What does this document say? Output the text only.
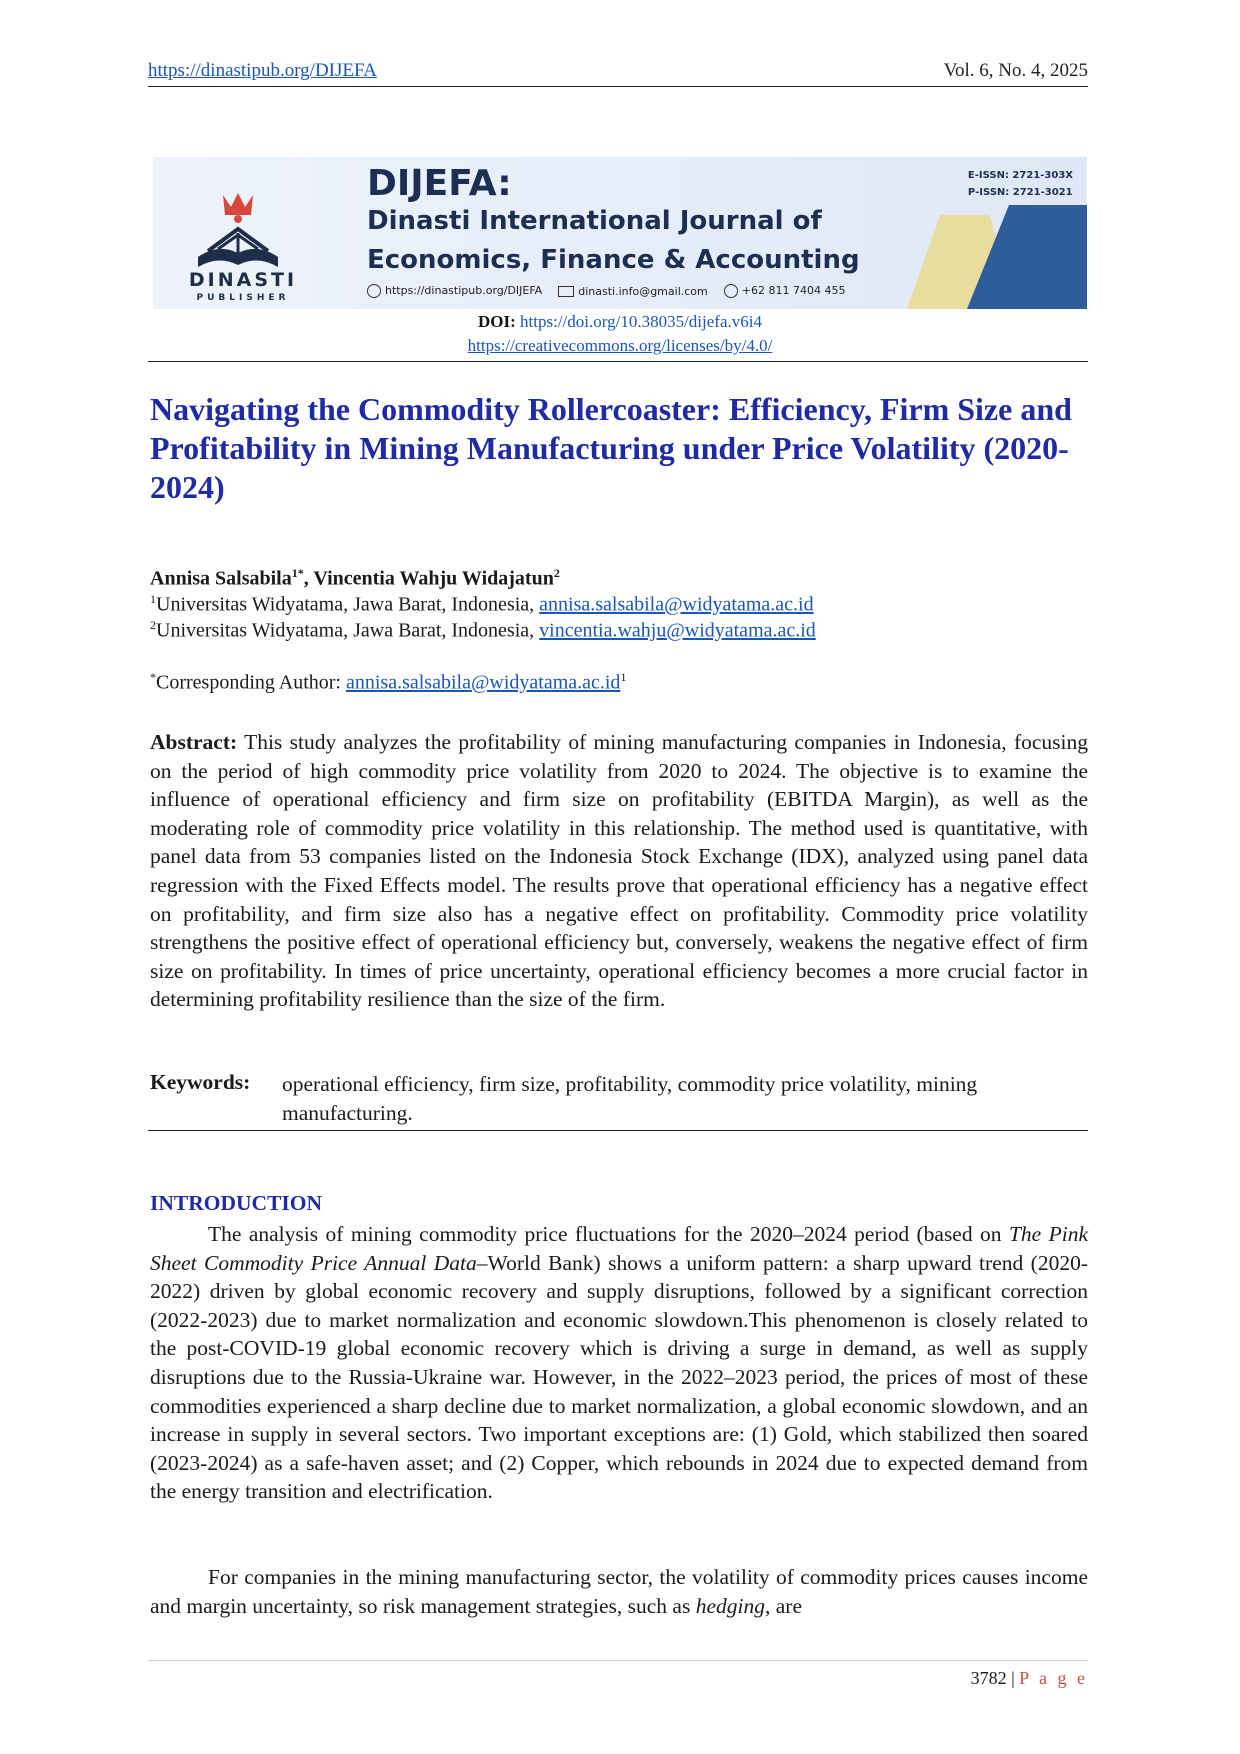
https://dinastipub.org/DIJEFA	Vol. 6, No. 4, 2025
DINASTI
PUBLISHER
DIJEFA:
Dinasti International Journal of
Economics, Finance & Accounting
https://dinastipub.org/DIJEFA	dinasti.info@gmail.com	+62 811 7404 455
E-ISSN: 2721-303X
P-ISSN: 2721-3021
DOI: https://doi.org/10.38035/dijefa.v6i4
https://creativecommons.org/licenses/by/4.0/
Navigating the Commodity Rollercoaster: Efficiency, Firm Size and Profitability in Mining Manufacturing under Price Volatility (2020-2024)
Annisa Salsabila$^{1*}$, Vincentia Wahju Widajatun$^2$
$^1$Universitas Widyatama, Jawa Barat, Indonesia, annisa.salsabila@widyatama.ac.id
$^2$Universitas Widyatama, Jawa Barat, Indonesia, vincentia.wahju@widyatama.ac.id
*Corresponding Author: $annisa.salsabila@widyatama.ac.id^1$
Abstract: This study analyzes the profitability of mining manufacturing companies in Indonesia, focusing on the period of high commodity price volatility from 2020 to 2024. The objective is to examine the influence of operational efficiency and firm size on profitability (EBITDA Margin), as well as the moderating role of commodity price volatility in this relationship. The method used is quantitative, with panel data from 53 companies listed on the Indonesia Stock Exchange (IDX), analyzed using panel data regression with the Fixed Effects model. The results prove that operational efficiency has a negative effect on profitability, and firm size also has a negative effect on profitability. Commodity price volatility strengthens the positive effect of operational efficiency but, conversely, weakens the negative effect of firm size on profitability. In times of price uncertainty, operational efficiency becomes a more crucial factor in determining profitability resilience than the size of the firm.
Keywords: operational efficiency, firm size, profitability, commodity price volatility, mining manufacturing.
INTRODUCTION
The analysis of mining commodity price fluctuations for the 2020–2024 period (based on The Pink Sheet Commodity Price Annual Data–World Bank) shows a uniform pattern: a sharp upward trend (2020-2022) driven by global economic recovery and supply disruptions, followed by a significant correction (2022-2023) due to market normalization and economic slowdown.This phenomenon is closely related to the post-COVID-19 global economic recovery which is driving a surge in demand, as well as supply disruptions due to the Russia-Ukraine war. However, in the 2022–2023 period, the prices of most of these commodities experienced a sharp decline due to market normalization, a global economic slowdown, and an increase in supply in several sectors. Two important exceptions are: (1) Gold, which stabilized then soared (2023-2024) as a safe-haven asset; and (2) Copper, which rebounds in 2024 due to expected demand from the energy transition and electrification.
For companies in the mining manufacturing sector, the volatility of commodity prices causes income and margin uncertainty, so risk management strategies, such as hedging, are
3782 | P a g e
